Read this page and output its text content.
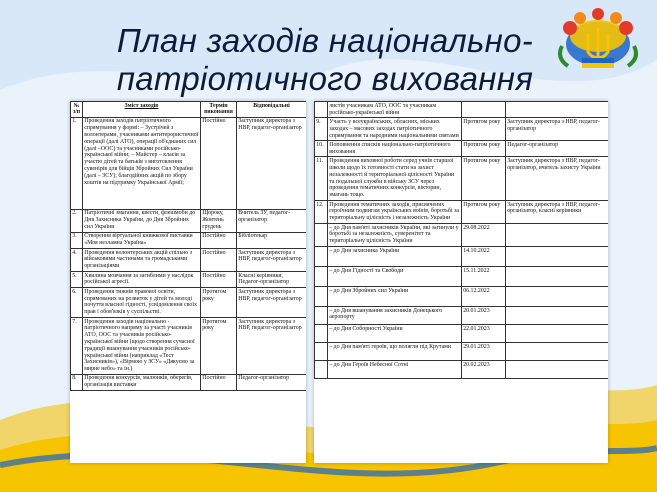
План заходів національно-патріотичного виховання
№ з/п	Зміст заходів	Термін виконання	Відповідальні
1.	Проведення заходів патріотичного спрямування у формі: – Зустрічей з волонтерами, учасниками антитерористичної операції (далі АТО), операції об'єднаних сил (далі –ООС) та учасниками російсько-української війни; – Майстер – класів за участю дітей та батьків з виготовлення сувенірів для бійців Збройних Сил України (далі – ЗСУ); благодійних акцій по збору коштів на підтримку Української Армії;	Постійно	Заступник директора з НВР, педагог-організатор
2.	Патріотичні змагання, квести, флешмоби до Дня Захисника України, до Дня Збройних сил України	Щороку, Жовтень грудень	Вчитель ЗУ, педагог-організатор
3.	Створення віртуальної книжкової виставки «Моя незламна Україна»	Постійно	Бібліотекар
4.	Проведення волонтерських акцій спільно з військовими частинами та громадськими організаціями	Постійно	Заступник директора з НВР, педагог-організатор
5.	Хвилина мовчання за загиблими у наслідок російської агресії.	Постійно	Класні керівники, Педагог-організатор
6.	Проведення тижнів правової освіти, спрямованих на розвиток у дітей та молоді почуття власної гідності, усвідомлення своїх прав і обов'язків у суспільстві.	Протягом року	Заступник директора з НВР, педагог-організатор
7.	Проведення заходів національно - патріотичного напряму за участі учасників АТО, ООС та учасників російсько-української війни (щодо створення сучасної традиції вшанування учасників російсько-української війни (наприклад «Тест Захисників»), «Вірмою у ЗСУ» «Дякуємо за мирне небо» та ін.)	Протягом року	Заступник директора з НВР, педагог-організатор
8.	Проведення конкурсів, малюнків, оберегів, організація виставки	Постійно	Педагог-організатор
	листів учасникам АТО, ООС та учасникам російсько-української війни		
9.	Участь у всеукраїнських, обласних, міських заходах – масових заходах патріотичного спрямування та народними національними святами	Протягом року	Заступник директора з НВР, педагог-організатор
10.	Поповнення списків національно-патріотичного виховання	Протягом року	Педагог-організатор
11.	Проведення виховної роботи серед учнів старшої школи щодо їх готовності стати на захист незалежності й територіальної цілісності України та подальшої служби в війську ЗСУ через проведення тематичних конкурсів, вікторин, змагань тощо.	Протягом року	Заступник директора з НВР, педагог-організатор, вчитель захисту України
12.	Проведення тематичних заходів, присвячених героїчним подвигам українських воїнів, боротьбі за територіальну цілісність і незалежність України	Протягом року	Заступник директора з НВР, педагог-організатор, класні керівники
	– до Дня пам'яті захисників України, які загинули у боротьбі за незалежність, суверенітет та територіальну цілісність України	29.08.2022	
	– до Дня захисника України	14.10.2022	
	– до Дня Гідності та Свободи	15.11.2022	
	– до Дня Збройних сил України	06.12.2022	
	– до Дня вшанування захисників Донецького аеропорту	20.01.2023	
	– до Дня Соборності України	22.01.2023	
	– до Дня пам'яті героїв, що полягли під Крутами	29.01.2023	
	– до Дня Героїв Небесної Сотні	20.02.2023	
